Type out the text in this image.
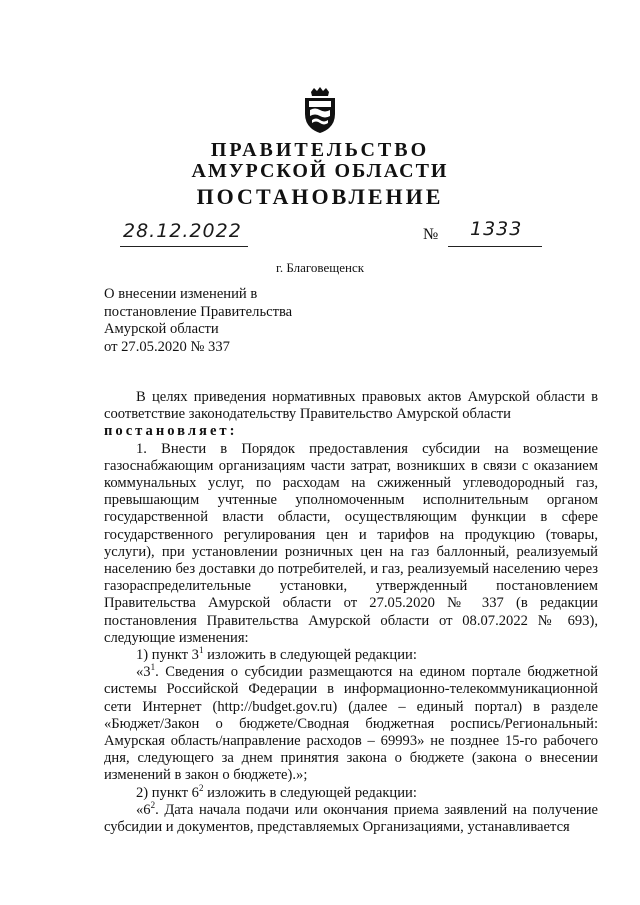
ПРАВИТЕЛЬСТВО
АМУРСКОЙ ОБЛАСТИ
ПОСТАНОВЛЕНИЕ
28.12.2022	№ 1333
г. Благовещенск
О внесении изменений в
постановление Правительства
Амурской области
от 27.05.2020 № 337

В целях приведения нормативных правовых актов Амурской области в соответствие законодательству Правительство Амурской области

постановляет:

1. Внести в Порядок предоставления субсидии на возмещение газоснабжающим организациям части затрат, возникших в связи с оказанием коммунальных услуг, по расходам на сжиженный углеводородный газ, превышающим учтенные уполномоченным исполнительным органом государственной власти области, осуществляющим функции в сфере государственного регулирования цен и тарифов на продукцию (товары, услуги), при установлении розничных цен на газ баллонный, реализуемый населению без доставки до потребителей, и газ, реализуемый населению через газораспределительные установки, утвержденный постановлением Правительства Амурской области от 27.05.2020 № 337 (в редакции постановления Правительства Амурской области от 08.07.2022 № 693), следующие изменения:

1) пункт $3^1$ изложить в следующей редакции:

«$3^1$. Сведения о субсидии размещаются на едином портале бюджетной системы Российской Федерации в информационно-телекоммуникационной сети Интернет (http://budget.gov.ru) (далее – единый портал) в разделе «Бюджет/Закон о бюджете/Сводная бюджетная роспись/Региональный: Амурская область/направление расходов – 69993» не позднее 15-го рабочего дня, следующего за днем принятия закона о бюджете (закона о внесении изменений в закон о бюджете).»;

2) пункт $6^2$ изложить в следующей редакции:

«$6^2$. Дата начала подачи или окончания приема заявлений на получение субсидии и документов, представляемых Организациями, устанавливается
